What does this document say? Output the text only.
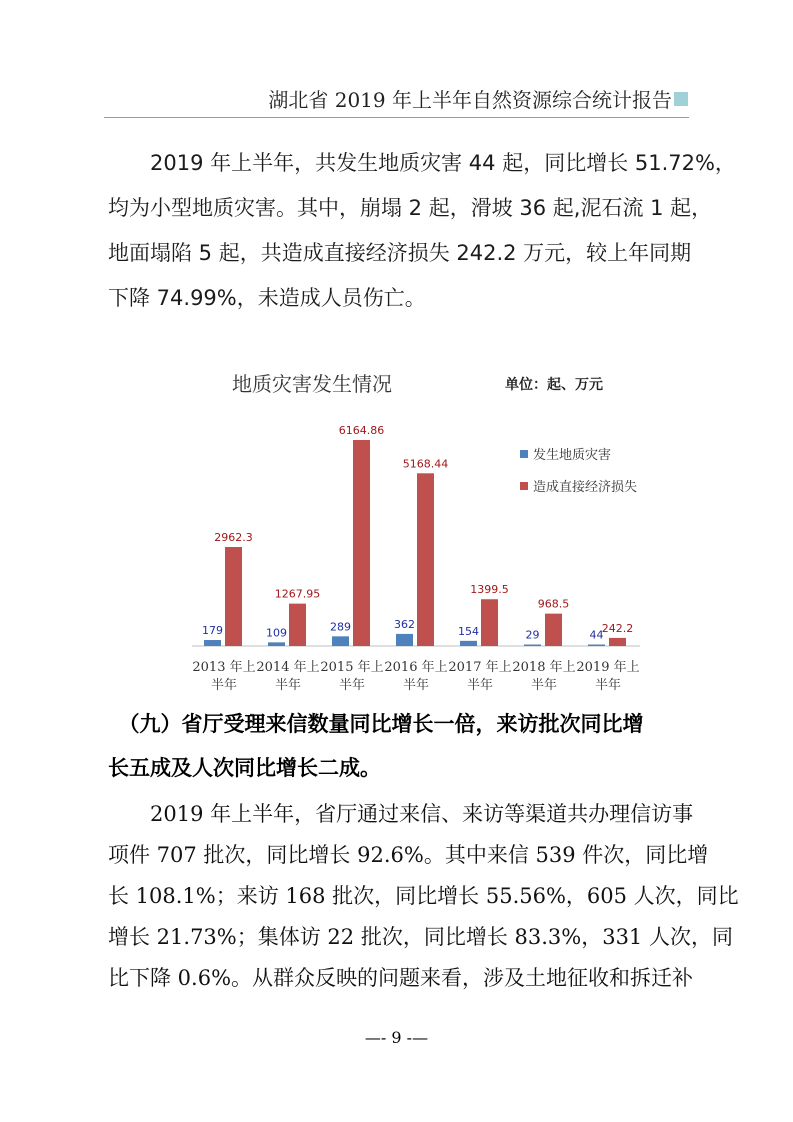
湖北省 2019 年上半年自然资源综合统计报告
　　2019 年上半年，共发生地质灾害 44 起，同比增长 51.72%，
均为小型地质灾害。其中，崩塌 2 起，滑坡 36 起,泥石流 1 起，
地面塌陷 5 起，共造成直接经济损失 242.2 万元，较上年同期
下降 74.99%，未造成人员伤亡。
地质灾害发生情况	单位：起、万元
179
2962.3
2013 年上
半年
109
1267.95
2014 年上
半年
289
6164.86
2015 年上
半年
362
5168.44
2016 年上
半年
154
1399.5
2017 年上
半年
29
968.5
2018 年上
半年
44
242.2
2019 年上
半年
发生地质灾害
造成直接经济损失
　（九）省厅受理来信数量同比增长一倍，来访批次同比增
长五成及人次同比增长二成。
　　2019 年上半年，省厅通过来信、来访等渠道共办理信访事
项件 707 批次，同比增长 92.6%。其中来信 539 件次，同比增
长 108.1%；来访 168 批次，同比增长 55.56%，605 人次，同比
增长 21.73%；集体访 22 批次，同比增长 83.3%，331 人次，同
比下降 0.6%。从群众反映的问题来看，涉及土地征收和拆迁补
—- 9 -—
